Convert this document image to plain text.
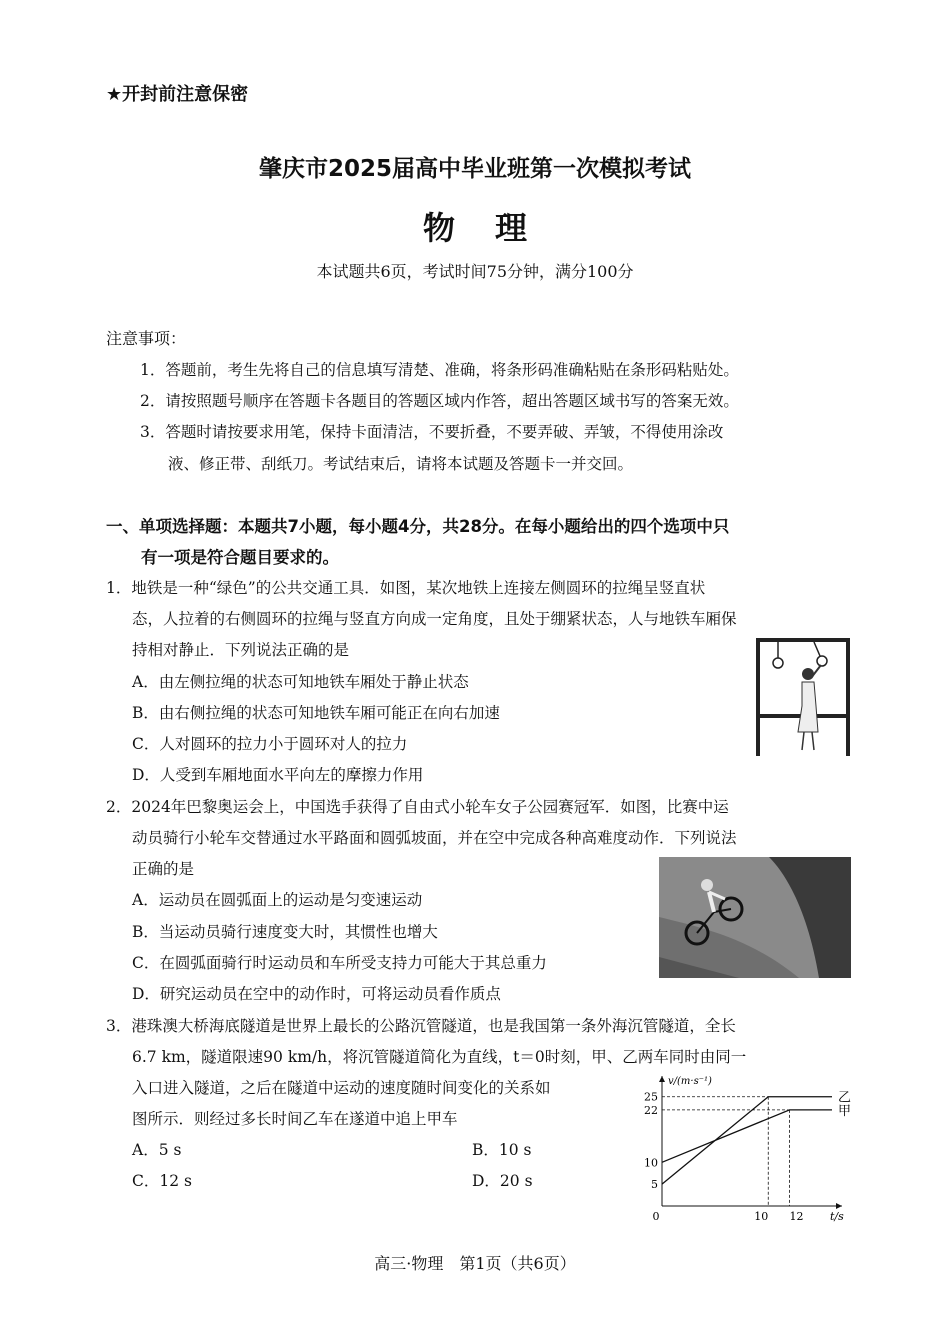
★开封前注意保密
肇庆市2025届高中毕业班第一次模拟考试
物理
本试题共6页，考试时间75分钟，满分100分
注意事项：
1．答题前，考生先将自己的信息填写清楚、准确，将条形码准确粘贴在条形码粘贴处。
2．请按照题号顺序在答题卡各题目的答题区域内作答，超出答题区域书写的答案无效。
3．答题时请按要求用笔，保持卡面清洁，不要折叠，不要弄破、弄皱，不得使用涂改
液、修正带、刮纸刀。考试结束后，请将本试题及答题卡一并交回。
一、单项选择题：本题共7小题，每小题4分，共28分。在每小题给出的四个选项中只
有一项是符合题目要求的。
1．地铁是一种“绿色”的公共交通工具．如图，某次地铁上连接左侧圆环的拉绳呈竖直状
态，人拉着的右侧圆环的拉绳与竖直方向成一定角度，且处于绷紧状态，人与地铁车厢保
持相对静止．下列说法正确的是
A．由左侧拉绳的状态可知地铁车厢处于静止状态
B．由右侧拉绳的状态可知地铁车厢可能正在向右加速
C．人对圆环的拉力小于圆环对人的拉力
D．人受到车厢地面水平向左的摩擦力作用
2．2024年巴黎奥运会上，中国选手获得了自由式小轮车女子公园赛冠军．如图，比赛中运
动员骑行小轮车交替通过水平路面和圆弧坡面，并在空中完成各种高难度动作．下列说法
正确的是
A．运动员在圆弧面上的运动是匀变速运动
B．当运动员骑行速度变大时，其惯性也增大
C．在圆弧面骑行时运动员和车所受支持力可能大于其总重力
D．研究运动员在空中的动作时，可将运动员看作质点
3．港珠澳大桥海底隧道是世界上最长的公路沉管隧道，也是我国第一条外海沉管隧道，全长
6.7 km，隧道限速90 km/h，将沉管隧道简化为直线，t＝0时刻，甲、乙两车同时由同一
入口进入隧道，之后在隧道中运动的速度随时间变化的关系如
图所示．则经过多长时间乙车在遂道中追上甲车
A．5 s	B．10 s
C．12 s	D．20 s
v/(m·s⁻¹)
t/s
5
10
22
25
0	10 12
乙
甲
高三·物理　第1页（共6页）
